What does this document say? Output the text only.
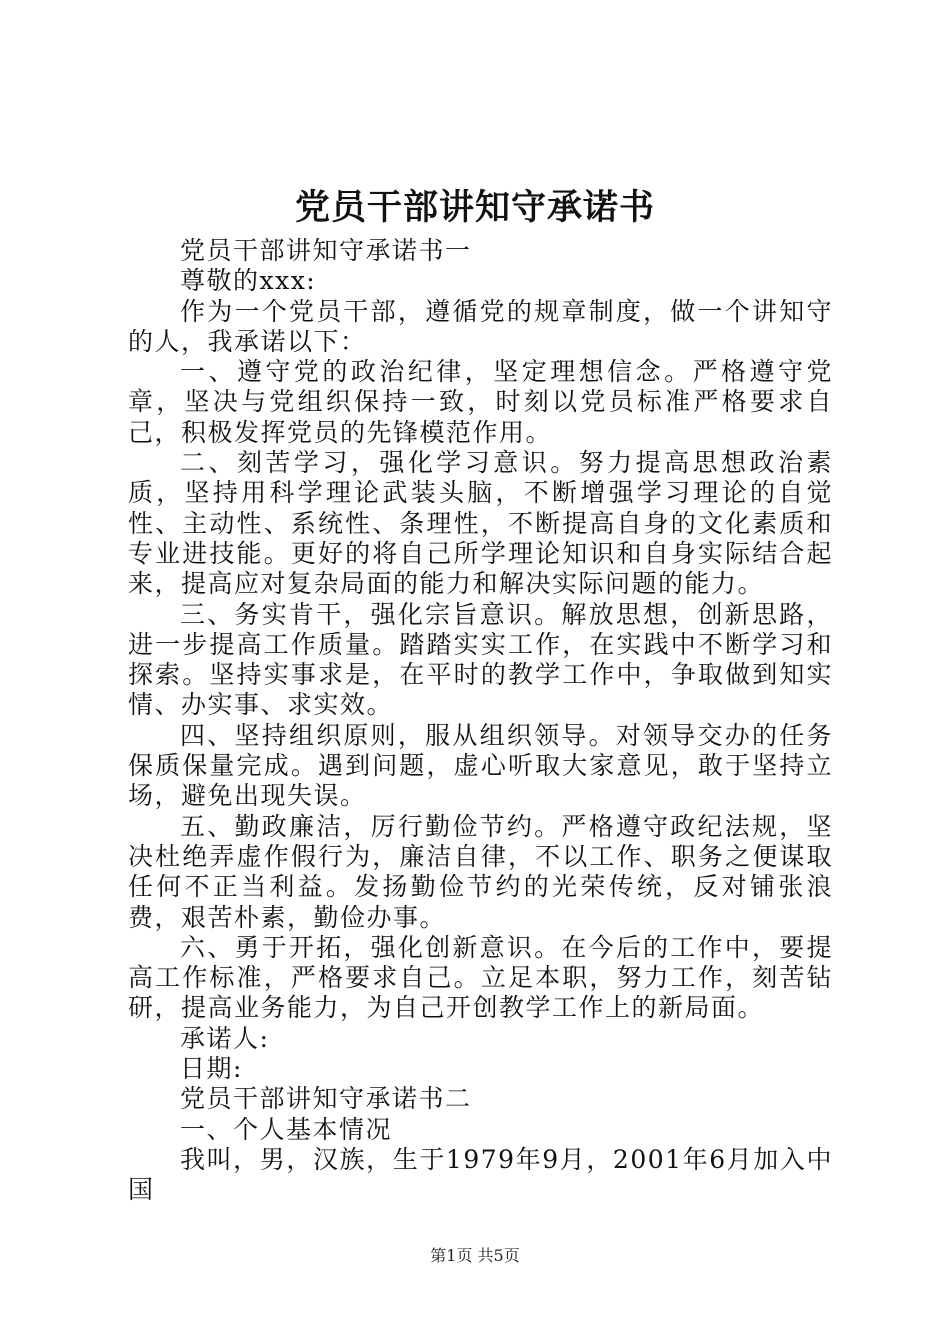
党员干部讲知守承诺书

党员干部讲知守承诺书一

尊敬的xxx:

作为一个党员干部，遵循党的规章制度，做一个讲知守的人，我承诺以下：

一、遵守党的政治纪律，坚定理想信念。严格遵守党章，坚决与党组织保持一致，时刻以党员标准严格要求自己，积极发挥党员的先锋模范作用。

二、刻苦学习，强化学习意识。努力提高思想政治素质，坚持用科学理论武装头脑，不断增强学习理论的自觉性、主动性、系统性、条理性，不断提高自身的文化素质和专业进技能。更好的将自己所学理论知识和自身实际结合起来，提高应对复杂局面的能力和解决实际问题的能力。

三、务实肯干，强化宗旨意识。解放思想，创新思路，进一步提高工作质量。踏踏实实工作，在实践中不断学习和探索。坚持实事求是，在平时的教学工作中，争取做到知实情、办实事、求实效。

四、坚持组织原则，服从组织领导。对领导交办的任务保质保量完成。遇到问题，虚心听取大家意见，敢于坚持立场，避免出现失误。

五、勤政廉洁，厉行勤俭节约。严格遵守政纪法规，坚决杜绝弄虚作假行为，廉洁自律，不以工作、职务之便谋取任何不正当利益。发扬勤俭节约的光荣传统，反对铺张浪费，艰苦朴素，勤俭办事。

六、勇于开拓，强化创新意识。在今后的工作中，要提高工作标准，严格要求自己。立足本职，努力工作，刻苦钻研，提高业务能力，为自己开创教学工作上的新局面。

承诺人:

日期:

党员干部讲知守承诺书二

一、个人基本情况

我叫，男，汉族，生于1979年9月，2001年6月加入中国

第1页 共5页
